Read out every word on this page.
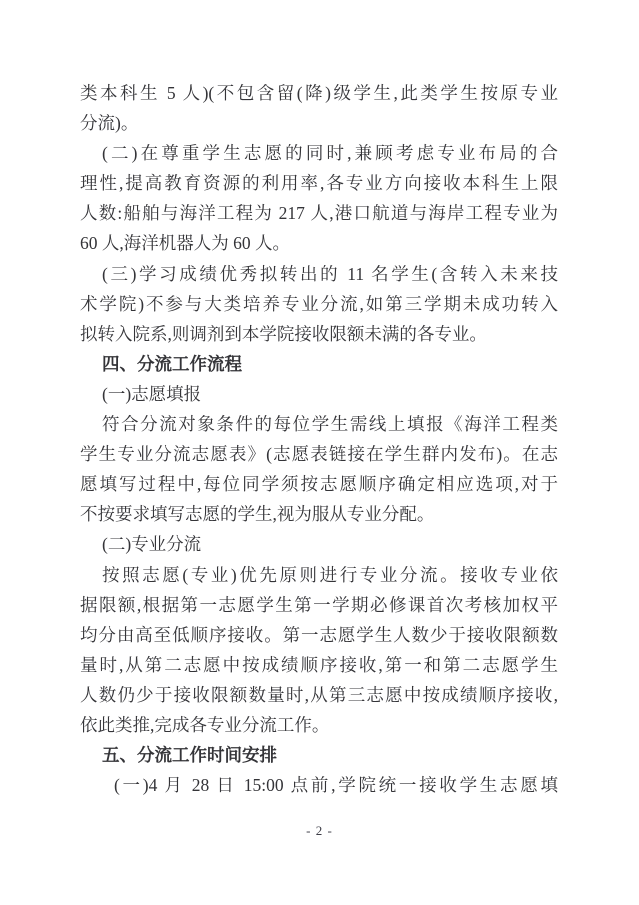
类本科生 5 人)(不包含留(降)级学生,此类学生按原专业
分流)。
(二)在尊重学生志愿的同时,兼顾考虑专业布局的合
理性,提高教育资源的利用率,各专业方向接收本科生上限
人数:船舶与海洋工程为 217 人,港口航道与海岸工程专业为
60 人,海洋机器人为 60 人。
(三)学习成绩优秀拟转出的 11 名学生(含转入未来技
术学院)不参与大类培养专业分流,如第三学期未成功转入
拟转入院系,则调剂到本学院接收限额未满的各专业。
四、分流工作流程
(一)志愿填报
符合分流对象条件的每位学生需线上填报《海洋工程类
学生专业分流志愿表》(志愿表链接在学生群内发布)。在志
愿填写过程中,每位同学须按志愿顺序确定相应选项,对于
不按要求填写志愿的学生,视为服从专业分配。
(二)专业分流
按照志愿(专业)优先原则进行专业分流。接收专业依
据限额,根据第一志愿学生第一学期必修课首次考核加权平
均分由高至低顺序接收。第一志愿学生人数少于接收限额数
量时,从第二志愿中按成绩顺序接收,第一和第二志愿学生
人数仍少于接收限额数量时,从第三志愿中按成绩顺序接收,
依此类推,完成各专业分流工作。
五、分流工作时间安排
(一)4 月 28 日 15:00 点前,学院统一接收学生志愿填
- 2 -
